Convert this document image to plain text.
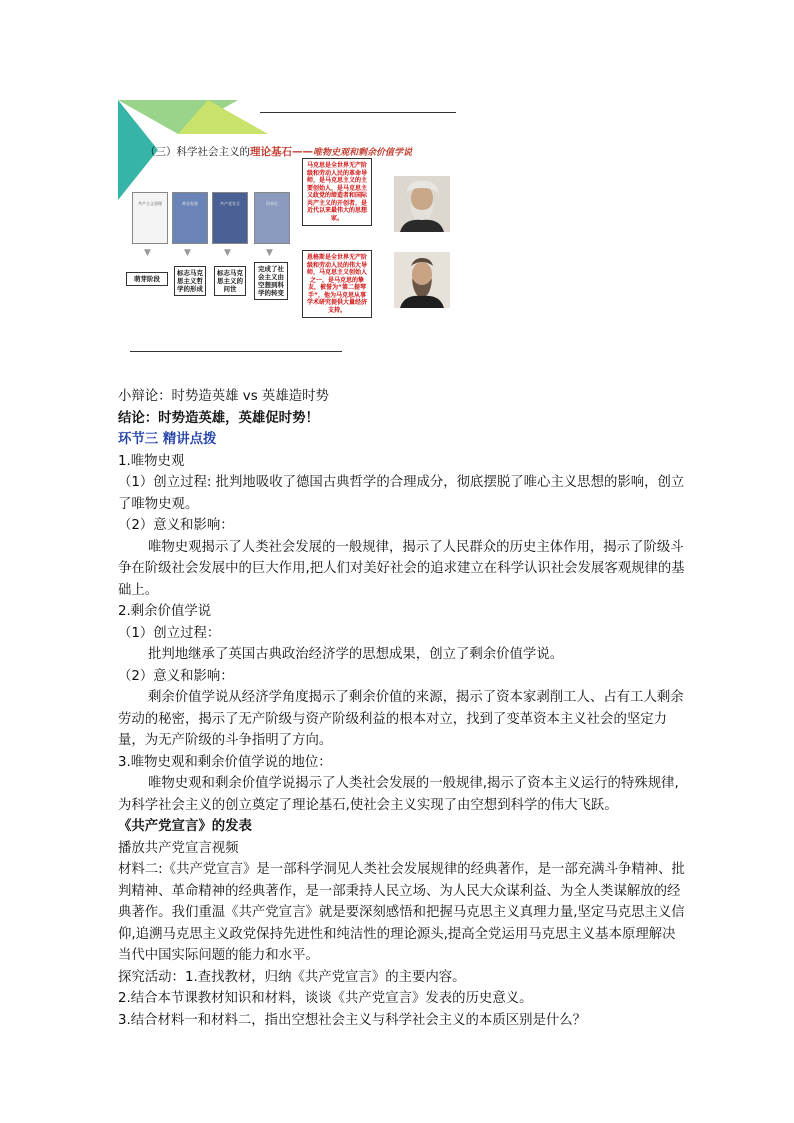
（三）科学社会主义的理论基石——唯物史观和剩余价值学说
共产主义原理	神圣家族	共产党宣言	资本论
▼	▼	▼	▼
萌芽阶段
标志马克思主义哲学的形成
标志马克思主义的问世
完成了社会主义由空想到科学的转变
马克思是全世界无产阶级和劳动人民的革命导师，是马克思主义的主要创始人，是马克思主义政党的缔造者和国际共产主义的开创者，是近代以来最伟大的思想家。
恩格斯是全世界无产阶级和劳动人民的伟大导师，马克思主义创始人之一，是马克思的挚友，被誉为“第二提琴手”，他为马克思从事学术研究提供大量经济支持。
小辩论：时势造英雄 vs 英雄造时势
结论：时势造英雄，英雄促时势！
环节三 精讲点拨
1.唯物史观
（1）创立过程: 批判地吸收了德国古典哲学的合理成分，彻底摆脱了唯心主义思想的影响，创立了唯物史观。
（2）意义和影响：
唯物史观揭示了人类社会发展的一般规律，揭示了人民群众的历史主体作用，揭示了阶级斗争在阶级社会发展中的巨大作用,把人们对美好社会的追求建立在科学认识社会发展客观规律的基础上。
2.剩余价值学说
（1）创立过程：
批判地继承了英国古典政治经济学的思想成果，创立了剩余价值学说。
（2）意义和影响：
剩余价值学说从经济学角度揭示了剩余价值的来源，揭示了资本家剥削工人、占有工人剩余劳动的秘密，揭示了无产阶级与资产阶级利益的根本对立，找到了变革资本主义社会的坚定力量，为无产阶级的斗争指明了方向。
3.唯物史观和剩余价值学说的地位：
唯物史观和剩余价值学说揭示了人类社会发展的一般规律,揭示了资本主义运行的特殊规律,为科学社会主义的创立奠定了理论基石,使社会主义实现了由空想到科学的伟大飞跃。
《共产党宣言》的发表
播放共产党宣言视频
材料二:《共产党宣言》是一部科学洞见人类社会发展规律的经典著作，是一部充满斗争精神、批判精神、革命精神的经典著作，是一部秉持人民立场、为人民大众谋利益、为全人类谋解放的经典著作。我们重温《共产党宣言》就是要深刻感悟和把握马克思主义真理力量,坚定马克思主义信仰,追溯马克思主义政党保持先进性和纯洁性的理论源头,提高全党运用马克思主义基本原理解决当代中国实际问题的能力和水平。
探究活动：1.查找教材，归纳《共产党宣言》的主要内容。
2.结合本节课教材知识和材料，谈谈《共产党宣言》发表的历史意义。
3.结合材料一和材料二，指出空想社会主义与科学社会主义的本质区别是什么？
